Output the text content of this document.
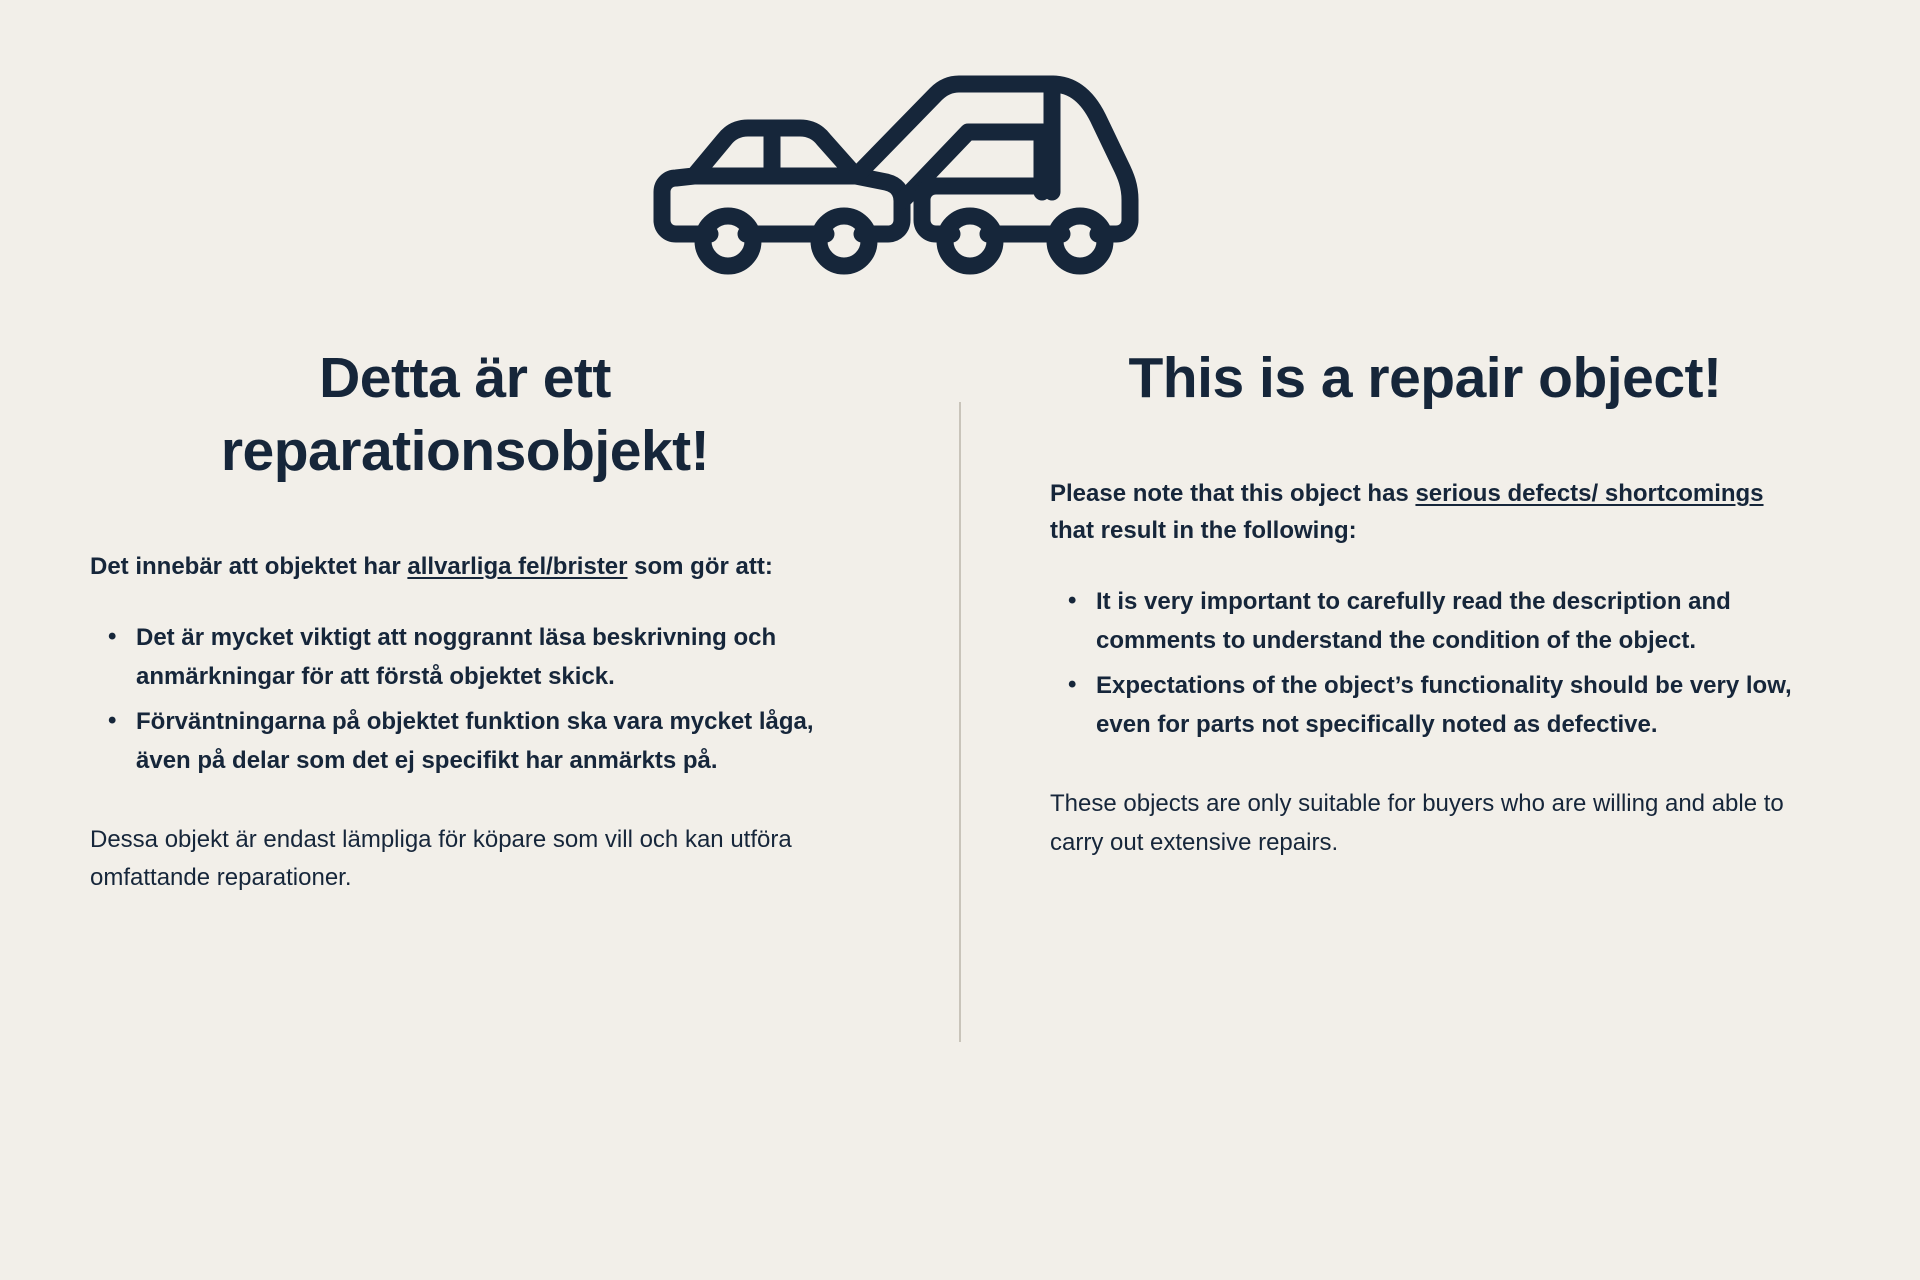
Detta är ett reparationsobjekt!

Det innebär att objektet har allvarliga fel/brister som gör att:

• Det är mycket viktigt att noggrannt läsa beskrivning och anmärkningar för att förstå objektet skick.
• Förväntningarna på objektet funktion ska vara mycket låga, även på delar som det ej specifikt har anmärkts på.

Dessa objekt är endast lämpliga för köpare som vill och kan utföra omfattande reparationer.

This is a repair object!

Please note that this object has serious defects/ shortcomings that result in the following:

• It is very important to carefully read the description and comments to understand the condition of the object.
• Expectations of the object’s functionality should be very low, even for parts not specifically noted as defective.

These objects are only suitable for buyers who are willing and able to carry out extensive repairs.
